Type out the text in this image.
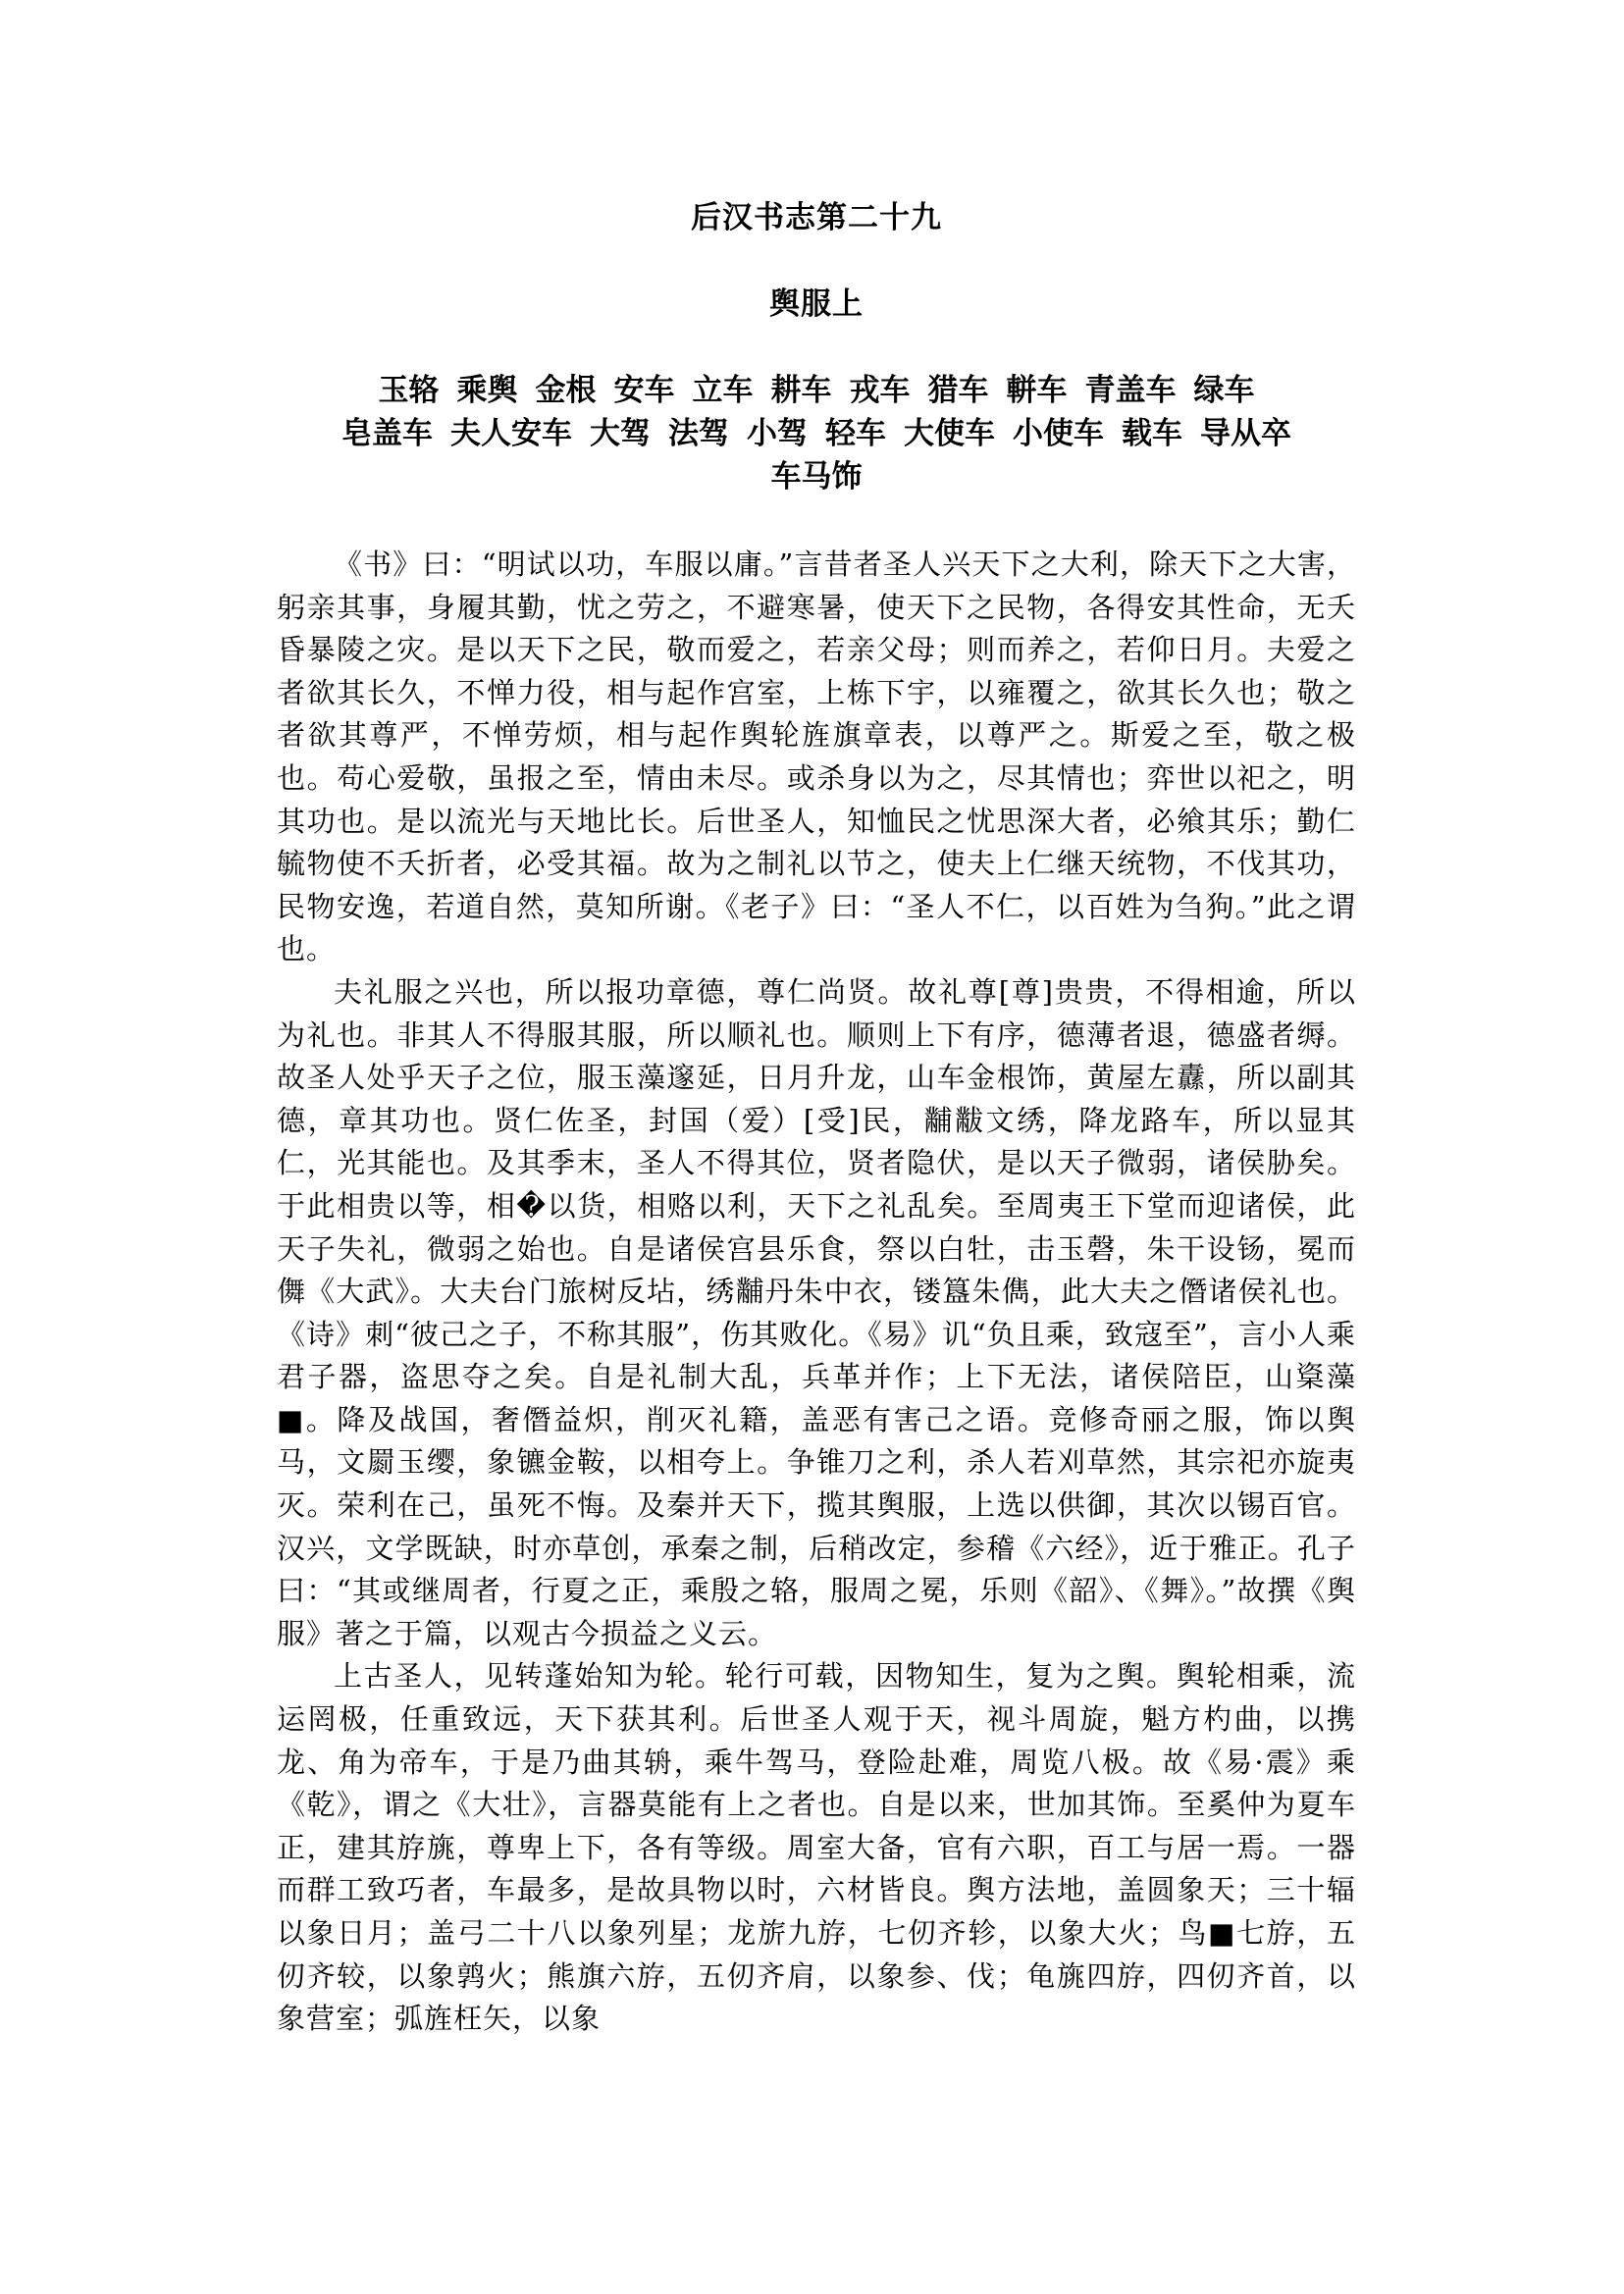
后汉书志第二十九
舆服上
玉辂 乘舆 金根 安车 立车 耕车 戎车 猎车 軿车 青盖车 绿车
皂盖车 夫人安车 大驾 法驾 小驾 轻车 大使车 小使车 载车 导从卒
车马饰

《书》曰：“明试以功，车服以庸。”言昔者圣人兴天下之大利，除天下之大害，躬亲其事，身履其勤，忧之劳之，不避寒暑，使天下之民物，各得安其性命，无夭昏暴陵之灾。是以天下之民，敬而爱之，若亲父母；则而养之，若仰日月。夫爱之者欲其长久，不惮力役，相与起作宫室，上栋下宇，以雍覆之，欲其长久也；敬之者欲其尊严，不惮劳烦，相与起作舆轮旌旗章表，以尊严之。斯爱之至，敬之极也。苟心爱敬，虽报之至，情由未尽。或杀身以为之，尽其情也；弈世以祀之，明其功也。是以流光与天地比长。后世圣人，知恤民之忧思深大者，必飨其乐；勤仁毓物使不夭折者，必受其福。故为之制礼以节之，使夫上仁继天统物，不伐其功，民物安逸，若道自然，莫知所谢。《老子》曰：“圣人不仁，以百姓为刍狗。”此之谓也。

夫礼服之兴也，所以报功章德，尊仁尚贤。故礼尊[尊]贵贵，不得相逾，所以为礼也。非其人不得服其服，所以顺礼也。顺则上下有序，德薄者退，德盛者缛。故圣人处乎天子之位，服玉藻邃延，日月升龙，山车金根饰，黄屋左纛，所以副其德，章其功也。贤仁佐圣，封国（爱）[受]民，黼黻文绣，降龙路车，所以显其仁，光其能也。及其季末，圣人不得其位，贤者隐伏，是以天子微弱，诸侯胁矣。于此相贵以等，相�以货，相赂以利，天下之礼乱矣。至周夷王下堂而迎诸侯，此天子失礼，微弱之始也。自是诸侯宫县乐食，祭以白牡，击玉磬，朱干设钖，冕而儛《大武》。大夫台门旅树反坫，绣黼丹朱中衣，镂簋朱儁，此大夫之僭诸侯礼也。《诗》刺“彼己之子，不称其服”，伤其败化。《易》讥“负且乘，致寇至”，言小人乘君子器，盗思夺之矣。自是礼制大乱，兵革并作；上下无法，诸侯陪臣，山楶藻■。降及战国，奢僭益炽，削灭礼籍，盖恶有害己之语。竞修奇丽之服，饰以舆马，文罽玉缨，象镳金鞍，以相夸上。争锥刀之利，杀人若刈草然，其宗祀亦旋夷灭。荣利在己，虽死不悔。及秦并天下，揽其舆服，上选以供御，其次以锡百官。汉兴，文学既缺，时亦草创，承秦之制，后稍改定，参稽《六经》，近于雅正。孔子曰：“其或继周者，行夏之正，乘殷之辂，服周之冕，乐则《韶》、《舞》。”故撰《舆服》著之于篇，以观古今损益之义云。

上古圣人，见转蓬始知为轮。轮行可载，因物知生，复为之舆。舆轮相乘，流运罔极，任重致远，天下获其利。后世圣人观于天，视斗周旋，魁方杓曲，以携龙、角为帝车，于是乃曲其辀，乘牛驾马，登险赴难，周览八极。故《易·震》乘《乾》，谓之《大壮》，言器莫能有上之者也。自是以来，世加其饰。至奚仲为夏车正，建其斿旐，尊卑上下，各有等级。周室大备，官有六职，百工与居一焉。一器而群工致巧者，车最多，是故具物以时，六材皆良。舆方法地，盖圆象天；三十辐以象日月；盖弓二十八以象列星；龙旂九斿，七仞齐轸，以象大火；鸟■七斿，五仞齐较，以象鹑火；熊旗六斿，五仞齐肩，以象参、伐；龟旐四斿，四仞齐首，以象营室；弧旌枉矢，以象
